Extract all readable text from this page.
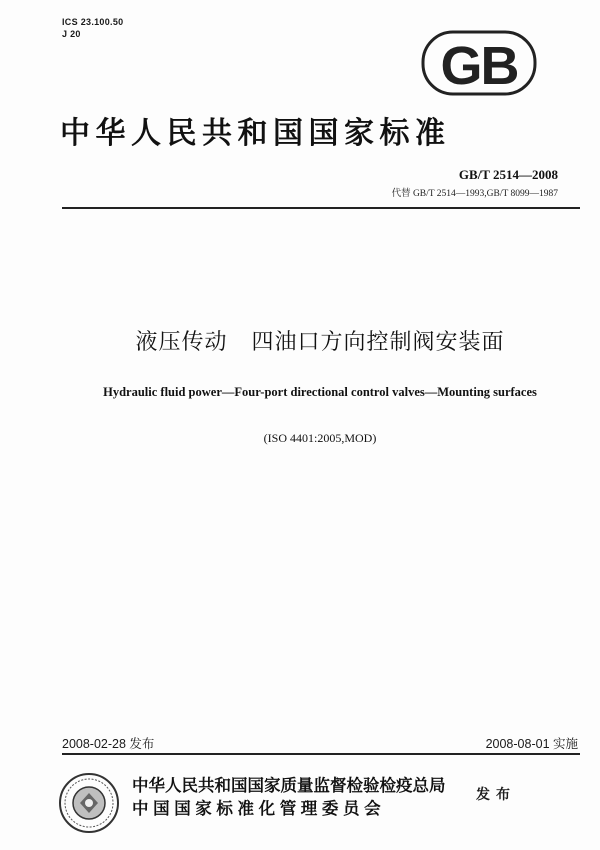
ICS 23.100.50
J 20
GB
中华人民共和国国家标准
GB/T 2514—2008
代替 GB/T 2514—1993,GB/T 8099—1987
液压传动   四油口方向控制阀安装面
Hydraulic fluid power—Four-port directional control valves—Mounting surfaces
(ISO 4401:2005,MOD)
2008-02-28 发布	2008-08-01 实施
中华人民共和国国家质量监督检验检疫总局
中国国家标准化管理委员会
发布
